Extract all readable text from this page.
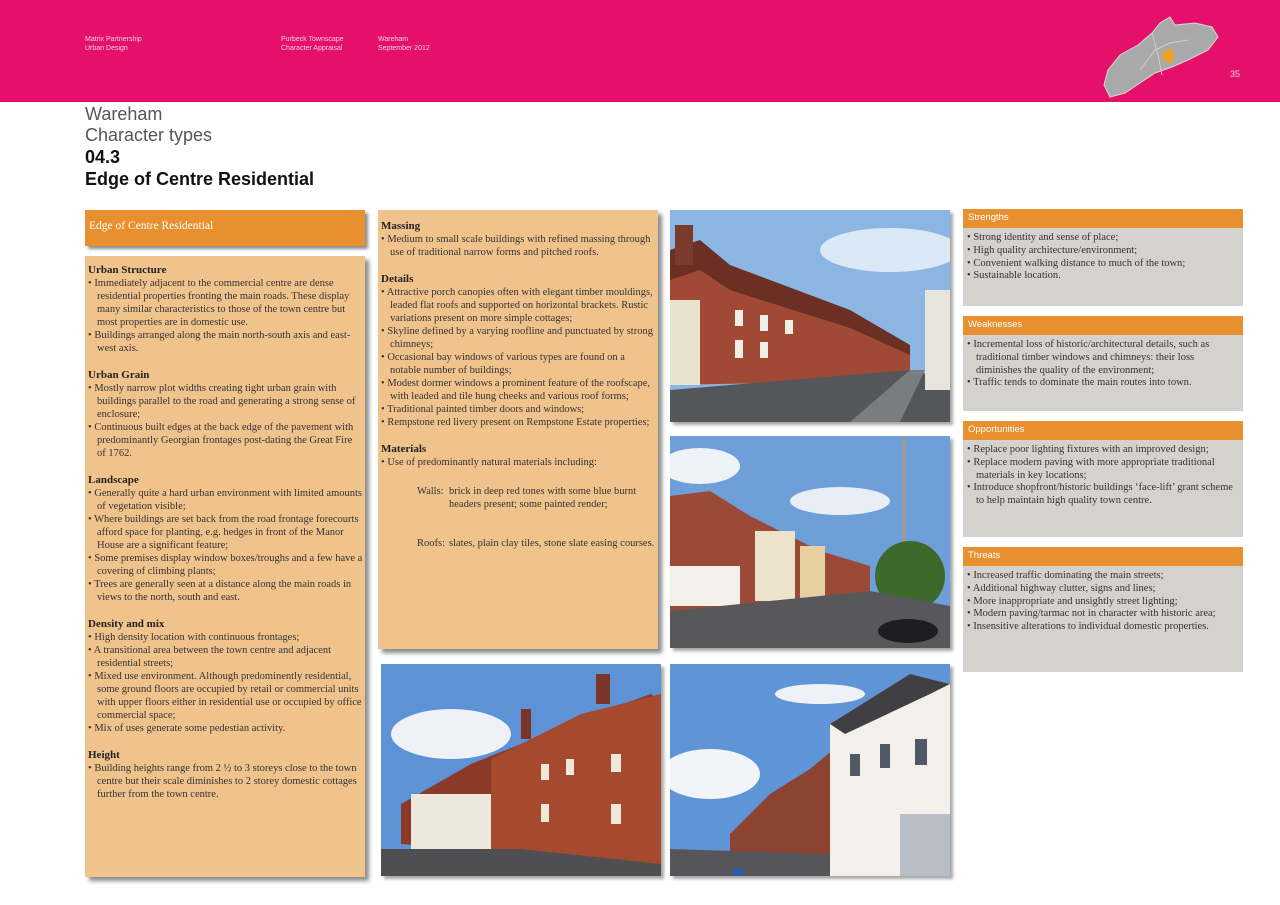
Matrix Partnership
Urban Design
Purbeck Townscape
Character Appraisal
Wareham
September 2012
35
Wareham
Character types
04.3
Edge of Centre Residential
Edge of Centre Residential
Urban Structure
• Immediately adjacent to the commercial centre are dense residential properties fronting the main roads. These display many similar characteristics to those of the town centre but most properties are in domestic use.
• Buildings arranged along the main north-south axis and east-west axis.
Urban Grain
• Mostly narrow plot widths creating tight urban grain with buildings parallel to the road and generating a strong sense of enclosure;
• Continuous built edges at the back edge of the pavement with predominantly Georgian frontages post-dating the Great Fire of 1762.
Landscape
• Generally quite a hard urban environment with limited amounts of vegetation visible;
• Where buildings are set back from the road frontage forecourts afford space for planting, e.g. hedges in front of the Manor House are a significant feature;
• Some premises display window boxes/troughs and a few have a covering of climbing plants;
• Trees are generally seen at a distance along the main roads in views to the north, south and east.
Density and mix
• High density location with continuous frontages;
• A transitional area between the town centre and adjacent residential streets;
• Mixed use environment. Although predominently residential, some ground floors are occupied by retail or commercial units with upper floors either in residential use or occupied by office commercial space;
• Mix of uses generate some pedestian activity.
Height
• Building heights range from 2 ½ to 3 storeys close to the town centre but their scale diminishes to 2 storey domestic cottages further from the town centre.
Massing
• Medium to small scale buildings with refined massing through use of traditional narrow forms and pitched roofs.
Details
• Attractive porch canopies often with elegant timber mouldings, leaded flat roofs and supported on horizontal brackets. Rustic variations present on more simple cottages;
• Skyline defined by a varying roofline and punctuated by strong chimneys;
• Occasional bay windows of various types are found on a notable number of buildings;
• Modest dormer windows a prominent feature of the roofscape, with leaded and tile hung cheeks and various roof forms;
• Traditional painted timber doors and windows;
• Rempstone red livery present on Rempstone Estate properties;
Materials
• Use of predominantly natural materials including:
Walls: brick in deep red tones with some blue burnt headers present; some painted render;
Roofs: slates, plain clay tiles, stone slate easing courses.
Strengths
• Strong identity and sense of place;
• High quality architecture/environment;
• Convenient walking distance to much of the town;
• Sustainable location.
Weaknesses
• Incremental loss of historic/architectural details, such as traditional timber windows and chimneys: their loss diminishes the quality of the environment;
• Traffic tends to dominate the main routes into town.
Opportunities
• Replace poor lighting fixtures with an improved design;
• Replace modern paving with more appropriate traditional materials in key locations;
• Introduce shopfront/historic buildings ‘face-lift’ grant scheme to help maintain high quality town centre.
Threats
• Increased traffic dominating the main streets;
• Additional highway clutter, signs and lines;
• More inappropriate and unsightly street lighting;
• Modern paving/tarmac not in character with historic area;
• Insensitive alterations to individual domestic properties.
